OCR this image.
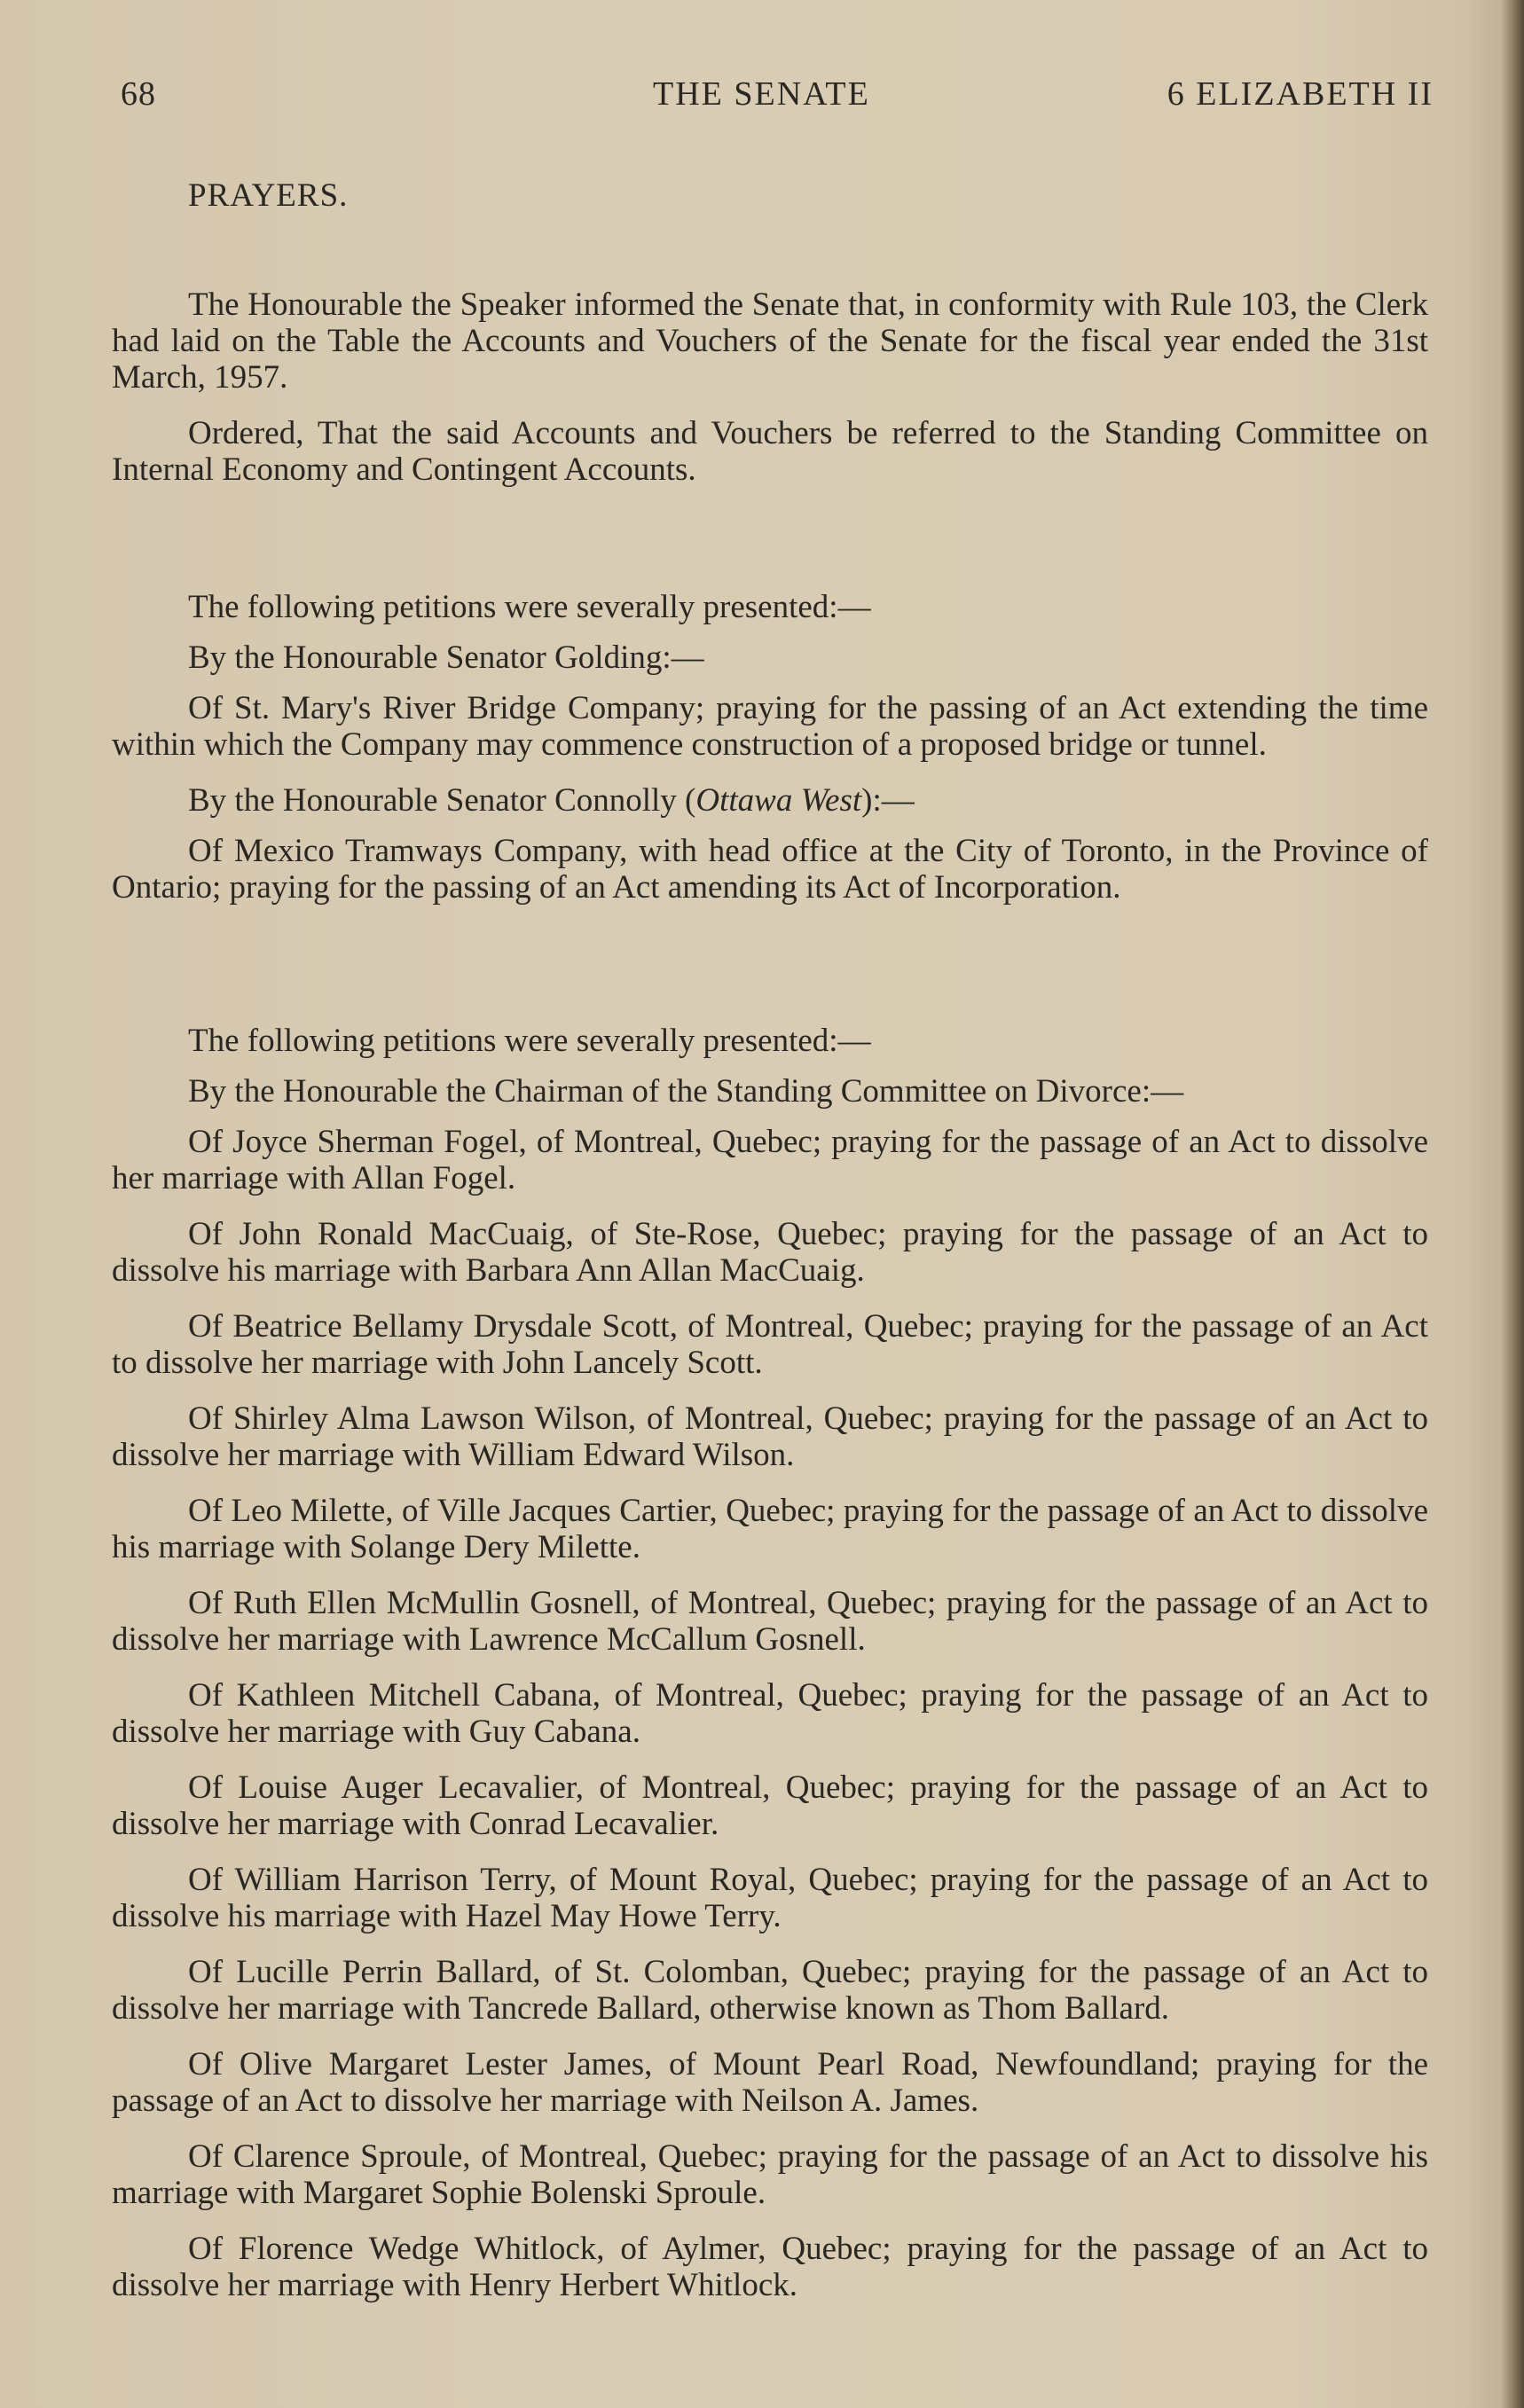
68	THE SENATE	6 ELIZABETH II

PRAYERS.

The Honourable the Speaker informed the Senate that, in conformity with Rule 103, the Clerk had laid on the Table the Accounts and Vouchers of the Senate for the fiscal year ended the 31st March, 1957.

Ordered, That the said Accounts and Vouchers be referred to the Standing Committee on Internal Economy and Contingent Accounts.

The following petitions were severally presented:—

By the Honourable Senator Golding:—

Of St. Mary's River Bridge Company; praying for the passing of an Act extending the time within which the Company may commence construction of a proposed bridge or tunnel.

By the Honourable Senator Connolly (Ottawa West):—

Of Mexico Tramways Company, with head office at the City of Toronto, in the Province of Ontario; praying for the passing of an Act amending its Act of Incorporation.

The following petitions were severally presented:—

By the Honourable the Chairman of the Standing Committee on Divorce:—

Of Joyce Sherman Fogel, of Montreal, Quebec; praying for the passage of an Act to dissolve her marriage with Allan Fogel.

Of John Ronald MacCuaig, of Ste-Rose, Quebec; praying for the passage of an Act to dissolve his marriage with Barbara Ann Allan MacCuaig.

Of Beatrice Bellamy Drysdale Scott, of Montreal, Quebec; praying for the passage of an Act to dissolve her marriage with John Lancely Scott.

Of Shirley Alma Lawson Wilson, of Montreal, Quebec; praying for the passage of an Act to dissolve her marriage with William Edward Wilson.

Of Leo Milette, of Ville Jacques Cartier, Quebec; praying for the passage of an Act to dissolve his marriage with Solange Dery Milette.

Of Ruth Ellen McMullin Gosnell, of Montreal, Quebec; praying for the passage of an Act to dissolve her marriage with Lawrence McCallum Gosnell.

Of Kathleen Mitchell Cabana, of Montreal, Quebec; praying for the passage of an Act to dissolve her marriage with Guy Cabana.

Of Louise Auger Lecavalier, of Montreal, Quebec; praying for the passage of an Act to dissolve her marriage with Conrad Lecavalier.

Of William Harrison Terry, of Mount Royal, Quebec; praying for the passage of an Act to dissolve his marriage with Hazel May Howe Terry.

Of Lucille Perrin Ballard, of St. Colomban, Quebec; praying for the passage of an Act to dissolve her marriage with Tancrede Ballard, otherwise known as Thom Ballard.

Of Olive Margaret Lester James, of Mount Pearl Road, Newfoundland; praying for the passage of an Act to dissolve her marriage with Neilson A. James.

Of Clarence Sproule, of Montreal, Quebec; praying for the passage of an Act to dissolve his marriage with Margaret Sophie Bolenski Sproule.

Of Florence Wedge Whitlock, of Aylmer, Quebec; praying for the passage of an Act to dissolve her marriage with Henry Herbert Whitlock.
